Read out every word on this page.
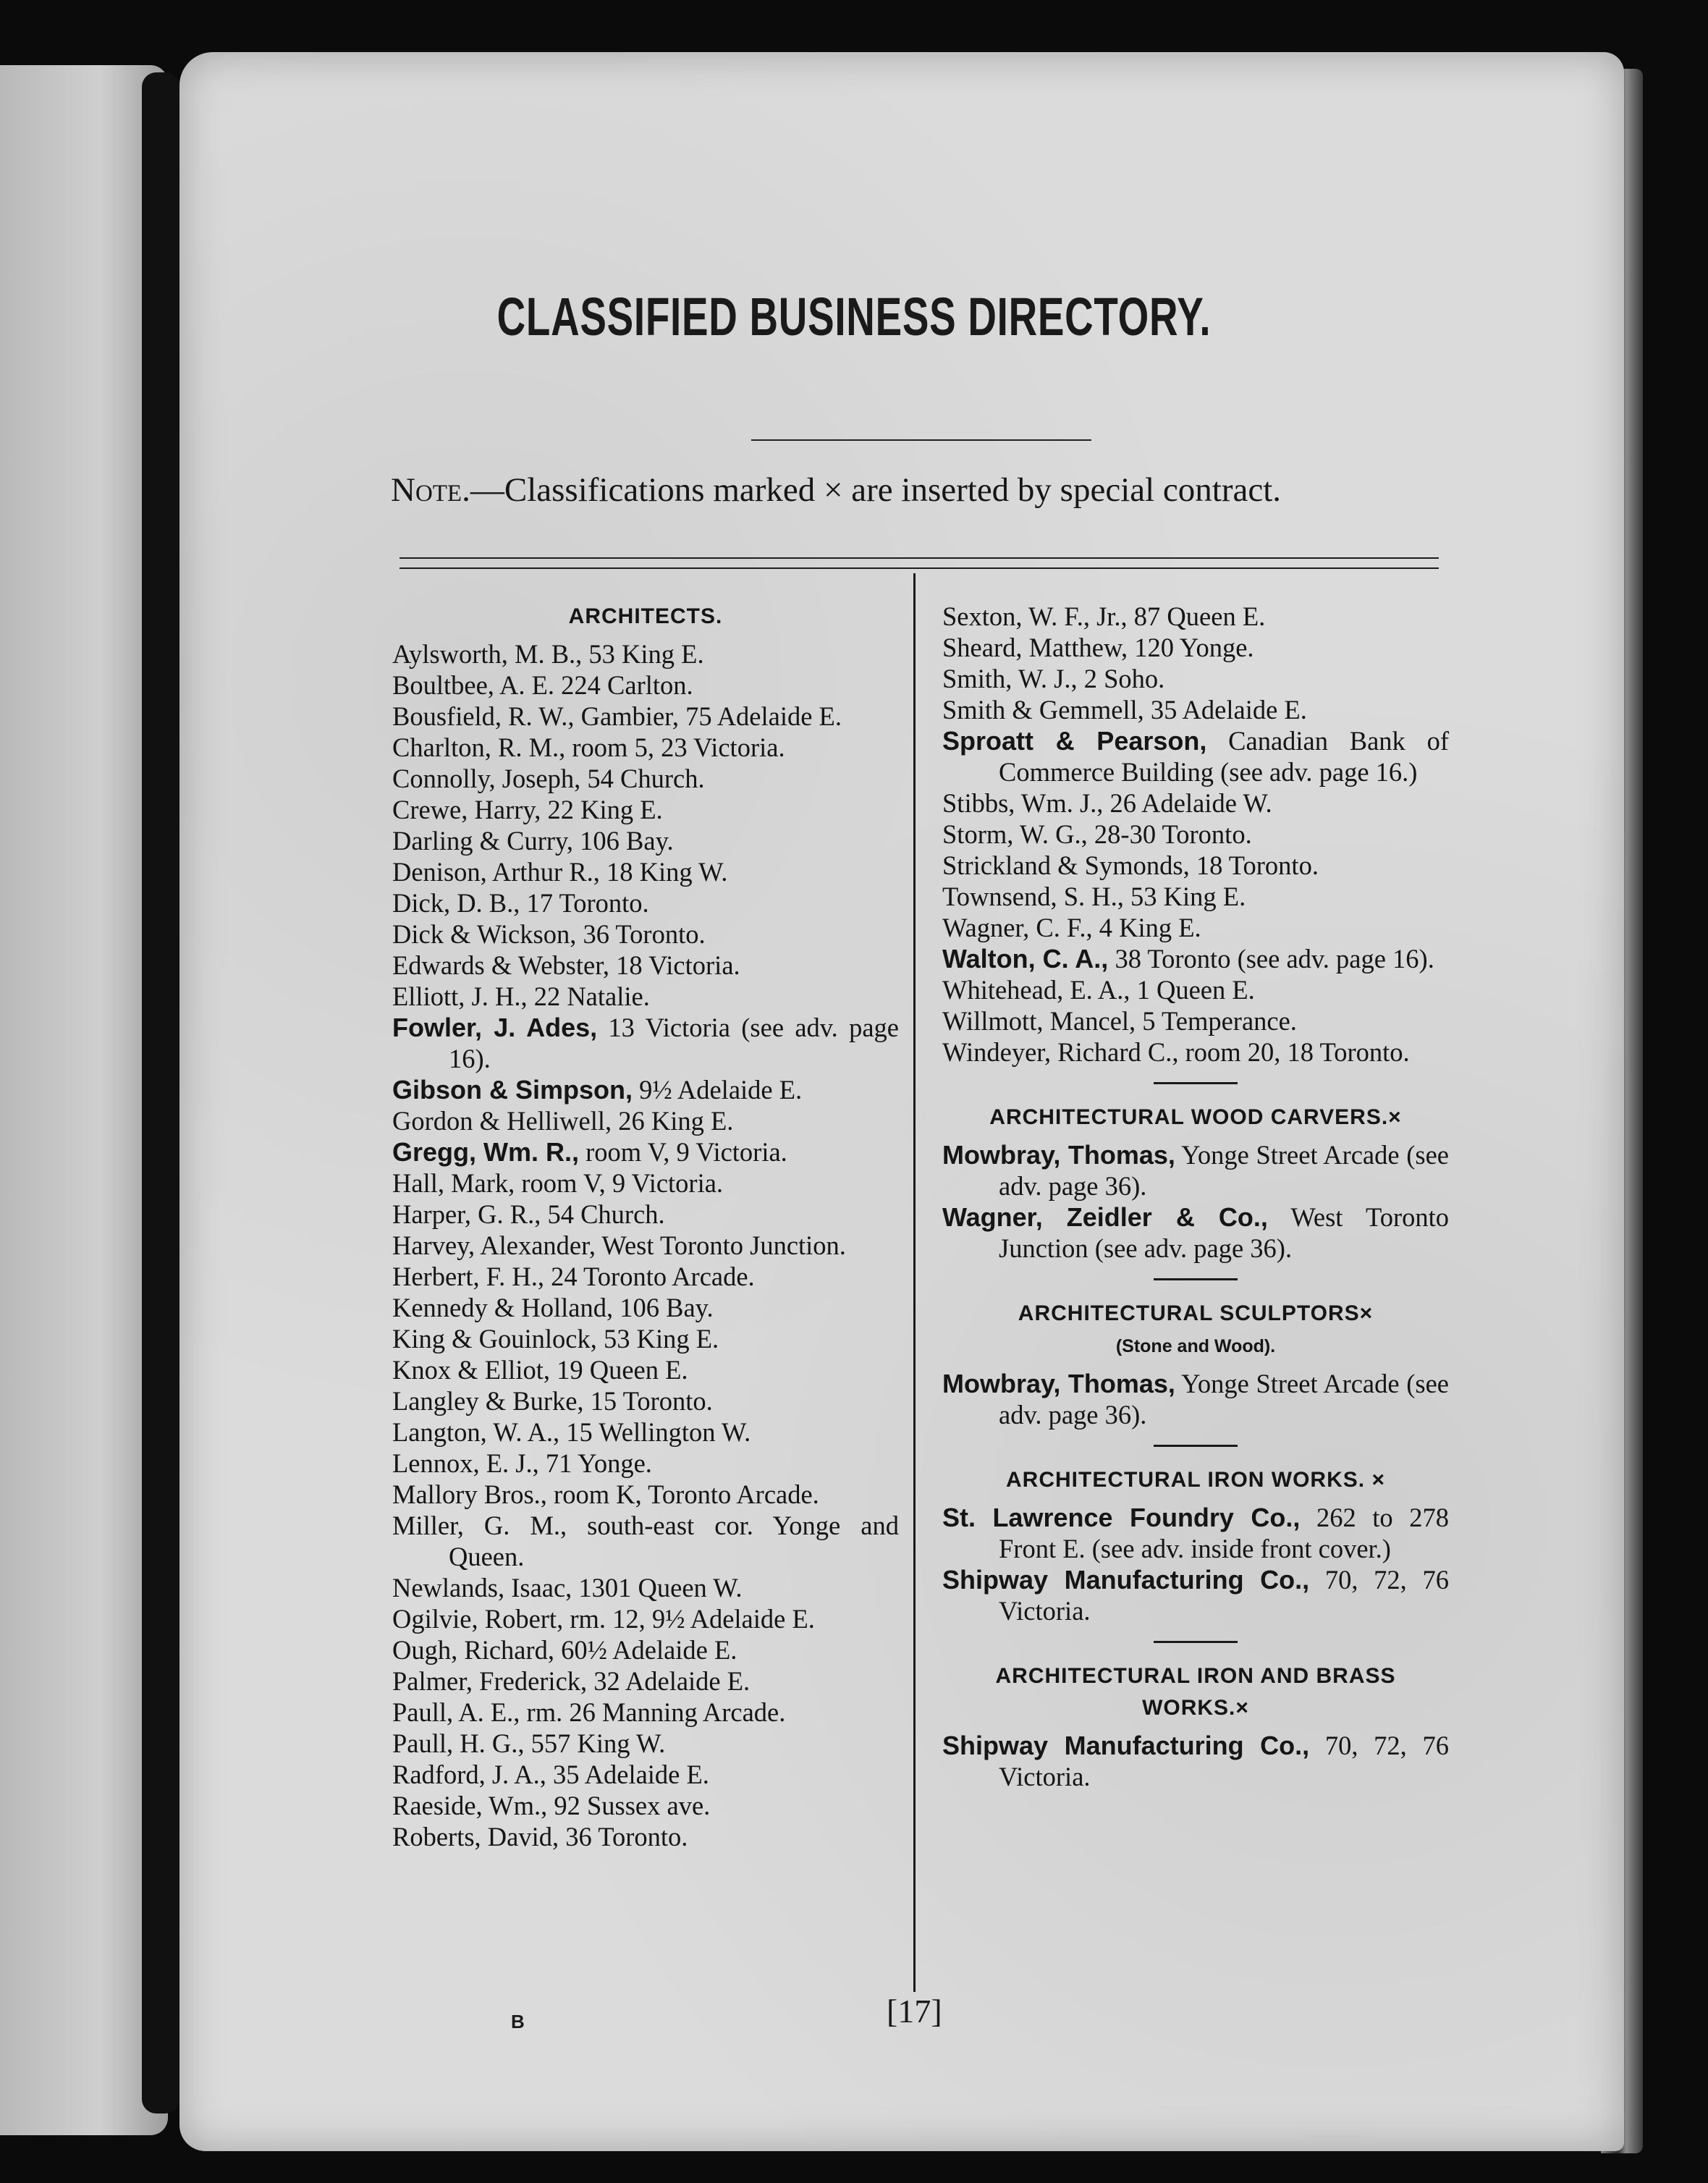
CLASSIFIED BUSINESS DIRECTORY.
Note.—Classifications marked × are inserted by special contract.
ARCHITECTS.
Aylsworth, M. B., 53 King E.
Boultbee, A. E. 224 Carlton.
Bousfield, R. W., Gambier, 75 Adelaide E.
Charlton, R. M., room 5, 23 Victoria.
Connolly, Joseph, 54 Church.
Crewe, Harry, 22 King E.
Darling & Curry, 106 Bay.
Denison, Arthur R., 18 King W.
Dick, D. B., 17 Toronto.
Dick & Wickson, 36 Toronto.
Edwards & Webster, 18 Victoria.
Elliott, J. H., 22 Natalie.
Fowler, J. Ades, 13 Victoria (see adv. page 16).
Gibson & Simpson, 9½ Adelaide E.
Gordon & Helliwell, 26 King E.
Gregg, Wm. R., room V, 9 Victoria.
Hall, Mark, room V, 9 Victoria.
Harper, G. R., 54 Church.
Harvey, Alexander, West Toronto Junction.
Herbert, F. H., 24 Toronto Arcade.
Kennedy & Holland, 106 Bay.
King & Gouinlock, 53 King E.
Knox & Elliot, 19 Queen E.
Langley & Burke, 15 Toronto.
Langton, W. A., 15 Wellington W.
Lennox, E. J., 71 Yonge.
Mallory Bros., room K, Toronto Arcade.
Miller, G. M., south-east cor. Yonge and Queen.
Newlands, Isaac, 1301 Queen W.
Ogilvie, Robert, rm. 12, 9½ Adelaide E.
Ough, Richard, 60½ Adelaide E.
Palmer, Frederick, 32 Adelaide E.
Paull, A. E., rm. 26 Manning Arcade.
Paull, H. G., 557 King W.
Radford, J. A., 35 Adelaide E.
Raeside, Wm., 92 Sussex ave.
Roberts, David, 36 Toronto.
Sexton, W. F., Jr., 87 Queen E.
Sheard, Matthew, 120 Yonge.
Smith, W. J., 2 Soho.
Smith & Gemmell, 35 Adelaide E.
Sproatt & Pearson, Canadian Bank of Commerce Building (see adv. page 16.)
Stibbs, Wm. J., 26 Adelaide W.
Storm, W. G., 28-30 Toronto.
Strickland & Symonds, 18 Toronto.
Townsend, S. H., 53 King E.
Wagner, C. F., 4 King E.
Walton, C. A., 38 Toronto (see adv. page 16).
Whitehead, E. A., 1 Queen E.
Willmott, Mancel, 5 Temperance.
Windeyer, Richard C., room 20, 18 Toronto.
ARCHITECTURAL WOOD CARVERS.×
Mowbray, Thomas, Yonge Street Arcade (see adv. page 36).
Wagner, Zeidler & Co., West Toronto Junction (see adv. page 36).
ARCHITECTURAL SCULPTORS×
(Stone and Wood).
Mowbray, Thomas, Yonge Street Arcade (see adv. page 36).
ARCHITECTURAL IRON WORKS. ×
St. Lawrence Foundry Co., 262 to 278 Front E. (see adv. inside front cover.)
Shipway Manufacturing Co., 70, 72, 76 Victoria.
ARCHITECTURAL IRON AND BRASS WORKS.×
Shipway Manufacturing Co., 70, 72, 76 Victoria.
B	[17]
